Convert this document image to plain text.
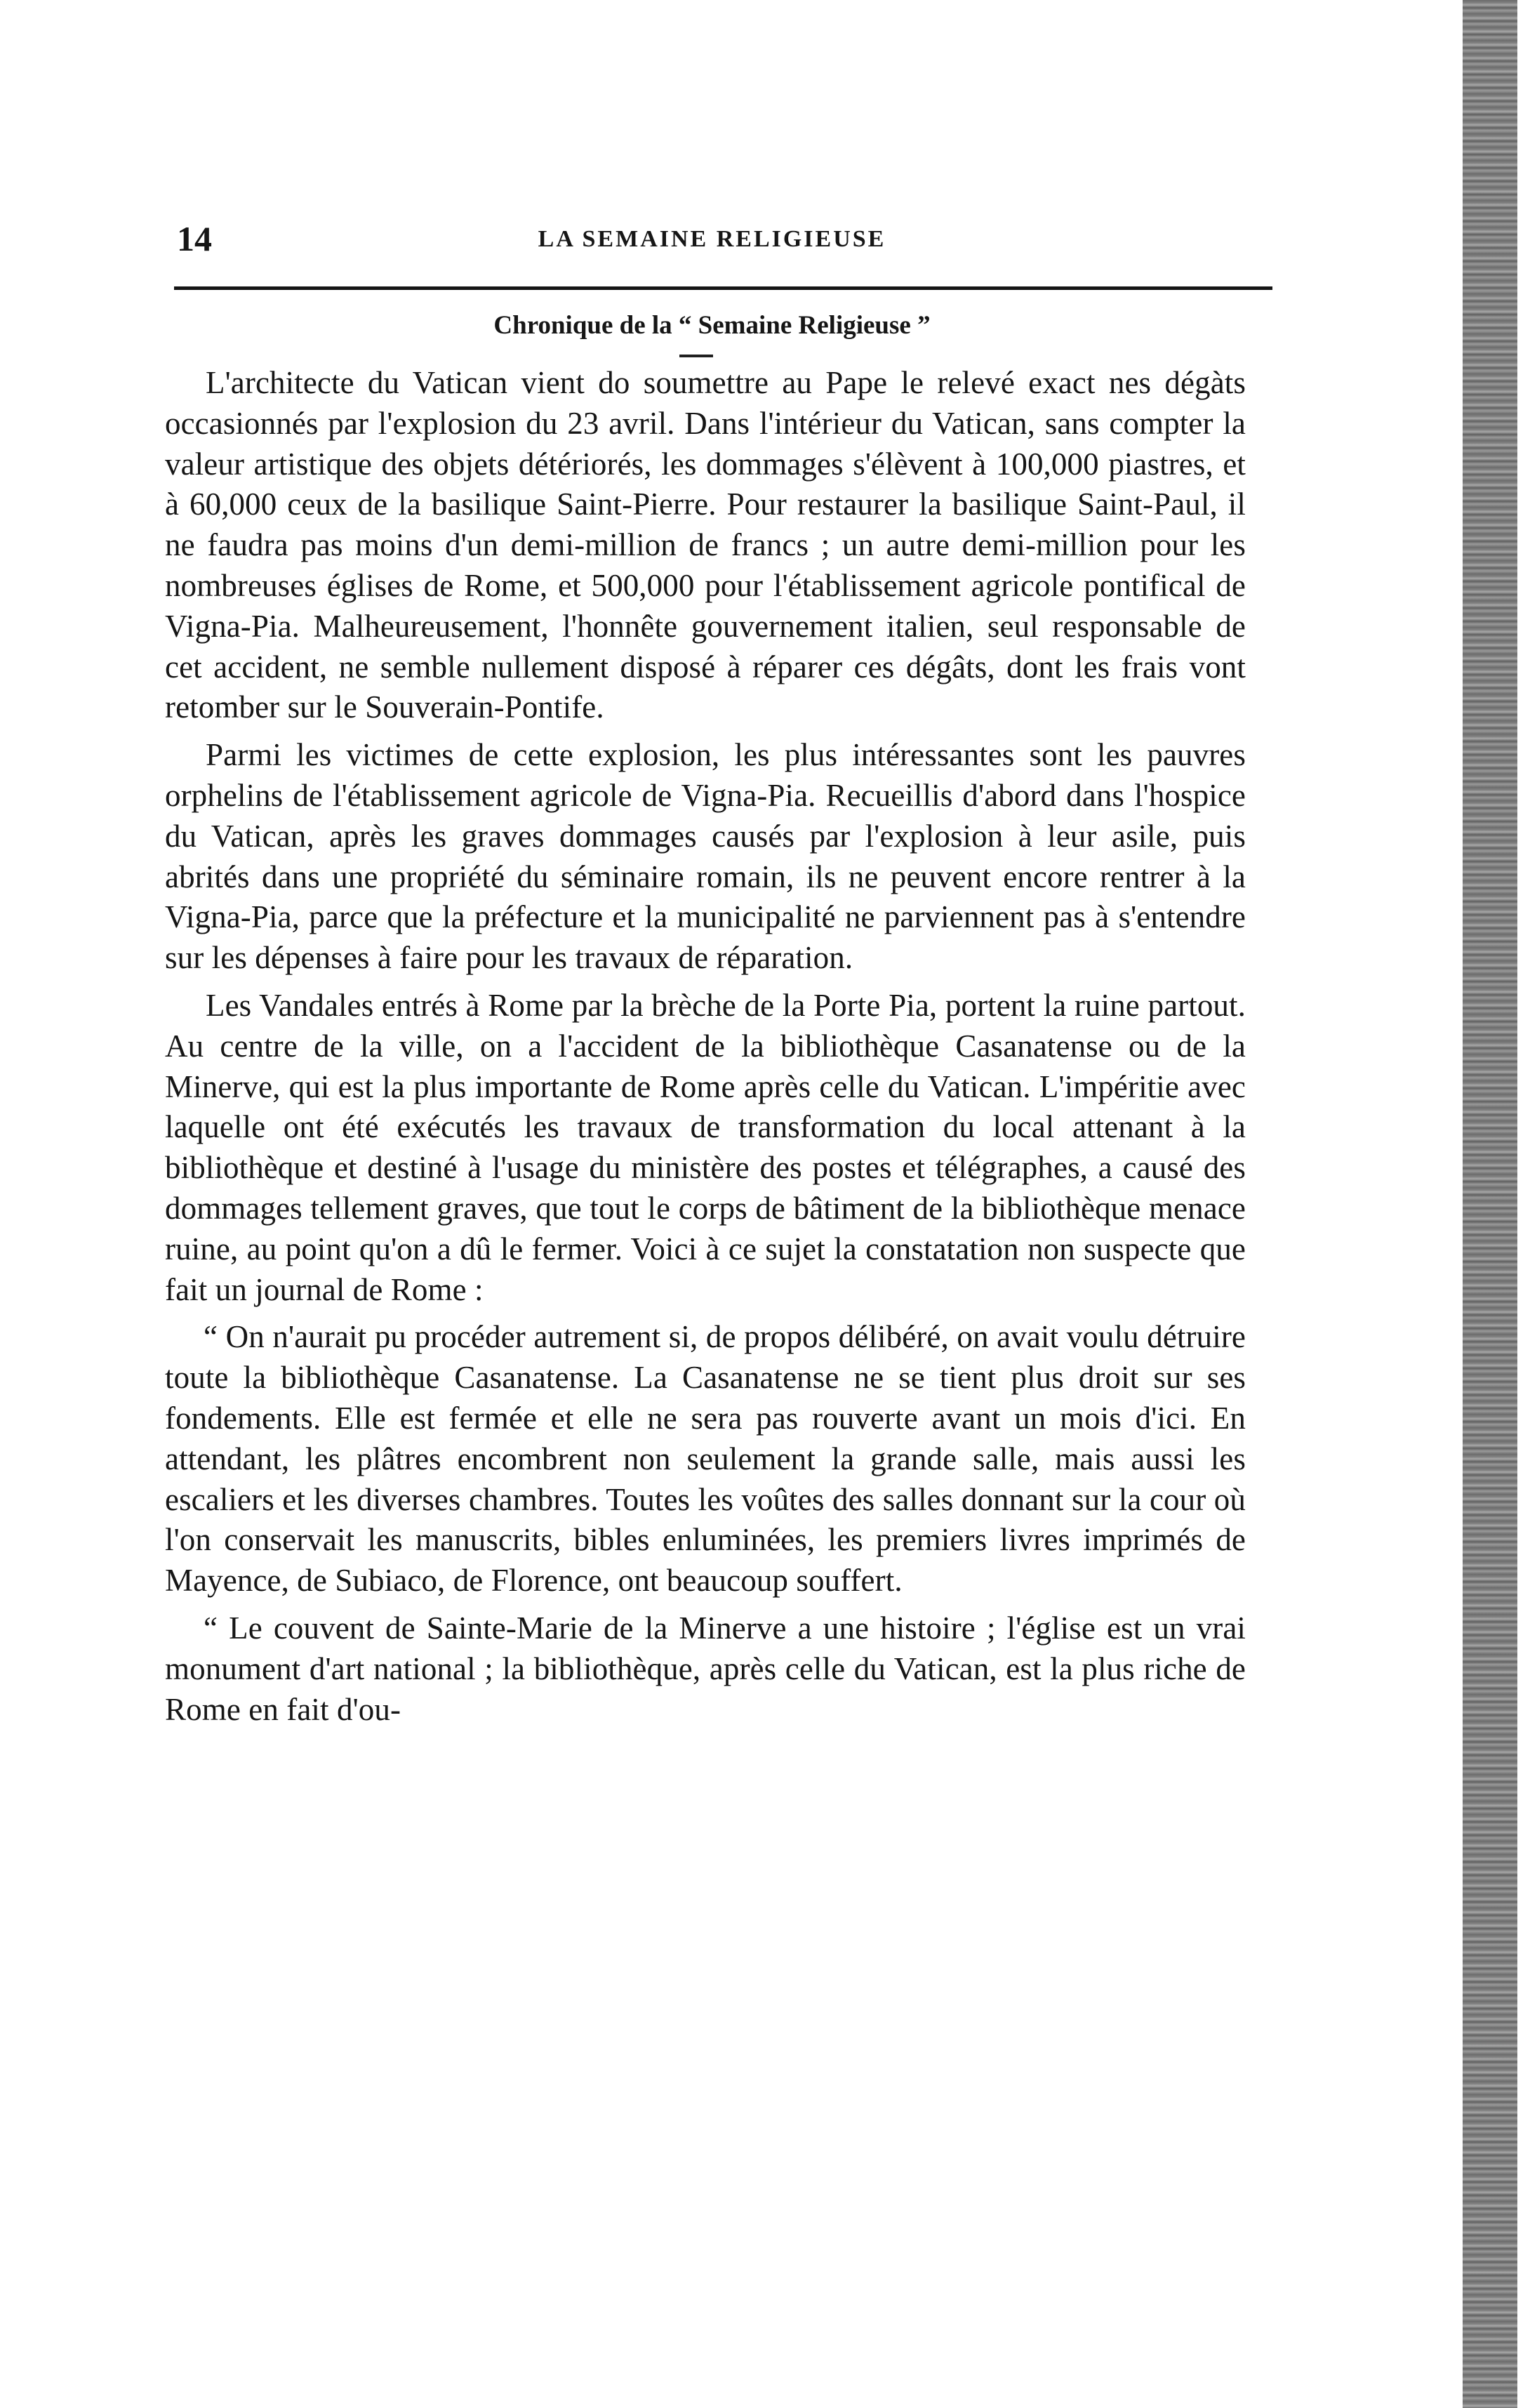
14	LA SEMAINE RELIGIEUSE
Chronique de la “ Semaine Religieuse ”

L'architecte du Vatican vient do soumettre au Pape le relevé exact nes dégàts occasionnés par l'explosion du 23 avril. Dans l'intérieur du Vatican, sans compter la valeur artistique des objets détériorés, les dommages s'élèvent à 100,000 piastres, et à 60,000 ceux de la basilique Saint-Pierre. Pour restaurer la basilique Saint-Paul, il ne faudra pas moins d'un demi-million de francs ; un autre demi-million pour les nombreuses églises de Rome, et 500,000 pour l'établissement agricole pontifical de Vigna-Pia. Malheureusement, l'honnête gouvernement italien, seul responsable de cet accident, ne semble nullement disposé à réparer ces dégâts, dont les frais vont retomber sur le Souverain-Pontife.

Parmi les victimes de cette explosion, les plus intéressantes sont les pauvres orphelins de l'établissement agricole de Vigna-Pia. Recueillis d'abord dans l'hospice du Vatican, après les graves dommages causés par l'explosion à leur asile, puis abrités dans une propriété du séminaire romain, ils ne peuvent encore rentrer à la Vigna-Pia, parce que la préfecture et la municipalité ne parviennent pas à s'entendre sur les dépenses à faire pour les travaux de réparation.

Les Vandales entrés à Rome par la brèche de la Porte Pia, portent la ruine partout. Au centre de la ville, on a l'accident de la bibliothèque Casanatense ou de la Minerve, qui est la plus importante de Rome après celle du Vatican. L'impéritie avec laquelle ont été exécutés les travaux de transformation du local attenant à la bibliothèque et destiné à l'usage du ministère des postes et télégraphes, a causé des dommages tellement graves, que tout le corps de bâtiment de la bibliothèque menace ruine, au point qu'on a dû le fermer. Voici à ce sujet la constatation non suspecte que fait un journal de Rome :

“ On n'aurait pu procéder autrement si, de propos délibéré, on avait voulu détruire toute la bibliothèque Casanatense. La Casanatense ne se tient plus droit sur ses fondements. Elle est fermée et elle ne sera pas rouverte avant un mois d'ici. En attendant, les plâtres encombrent non seulement la grande salle, mais aussi les escaliers et les diverses chambres. Toutes les voûtes des salles donnant sur la cour où l'on conservait les manuscrits, bibles enluminées, les premiers livres imprimés de Mayence, de Subiaco, de Florence, ont beaucoup souffert.

“ Le couvent de Sainte-Marie de la Minerve a une histoire ; l'église est un vrai monument d'art national ; la bibliothèque, après celle du Vatican, est la plus riche de Rome en fait d'ou-
